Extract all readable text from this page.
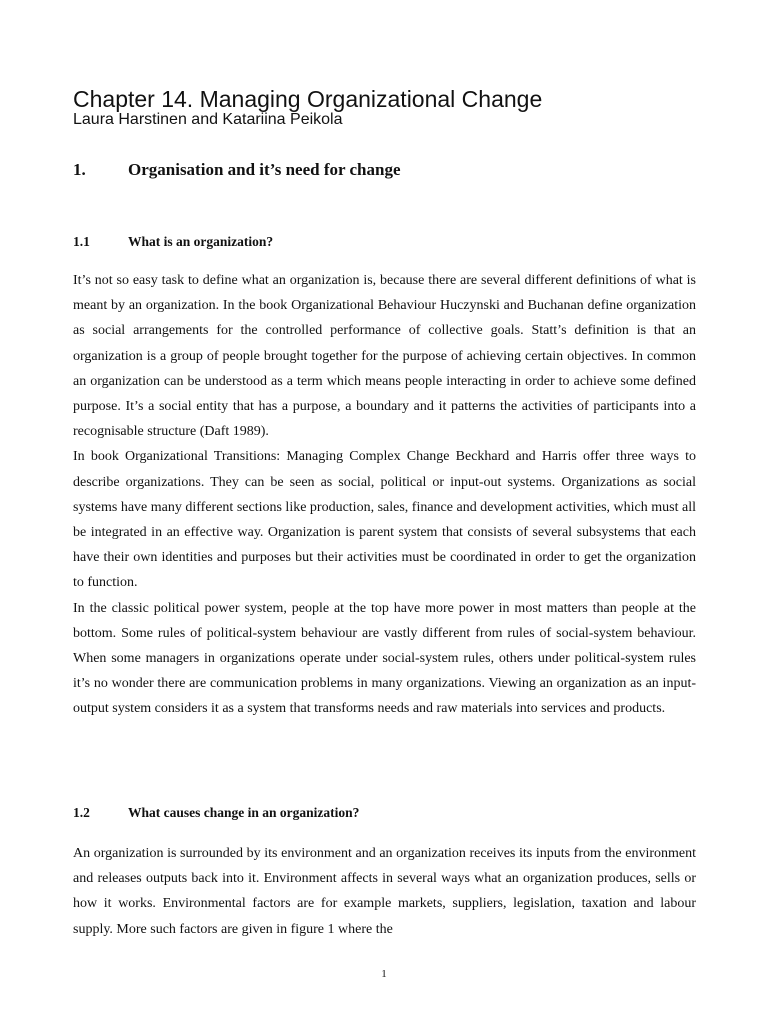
Chapter 14. Managing Organizational Change
Laura Harstinen and Katariina Peikola
1. Organisation and it’s need for change
1.1	What is an organization?

It’s not so easy task to define what an organization is, because there are several different definitions of what is meant by an organization. In the book Organizational Behaviour Huczynski and Buchanan define organization as social arrangements for the controlled performance of collective goals. Statt’s definition is that an organization is a group of people brought together for the purpose of achieving certain objectives. In common an organization can be understood as a term which means people interacting in order to achieve some defined purpose. It’s a social entity that has a purpose, a boundary and it patterns the activities of participants into a recognisable structure (Daft 1989).

In book Organizational Transitions: Managing Complex Change Beckhard and Harris offer three ways to describe organizations. They can be seen as social, political or input-out systems. Organizations as social systems have many different sections like production, sales, finance and development activities, which must all be integrated in an effective way. Organization is parent system that consists of several subsystems that each have their own identities and purposes but their activities must be coordinated in order to get the organization to function.

In the classic political power system, people at the top have more power in most matters than people at the bottom. Some rules of political-system behaviour are vastly different from rules of social-system behaviour. When some managers in organizations operate under social-system rules, others under political-system rules it’s no wonder there are communication problems in many organizations. Viewing an organization as an input-output system considers it as a system that transforms needs and raw materials into services and products.

1.2	What causes change in an organization?

An organization is surrounded by its environment and an organization receives its inputs from the environment and releases outputs back into it. Environment affects in several ways what an organization produces, sells or how it works. Environmental factors are for example markets, suppliers, legislation, taxation and labour supply. More such factors are given in figure 1 where the

1
